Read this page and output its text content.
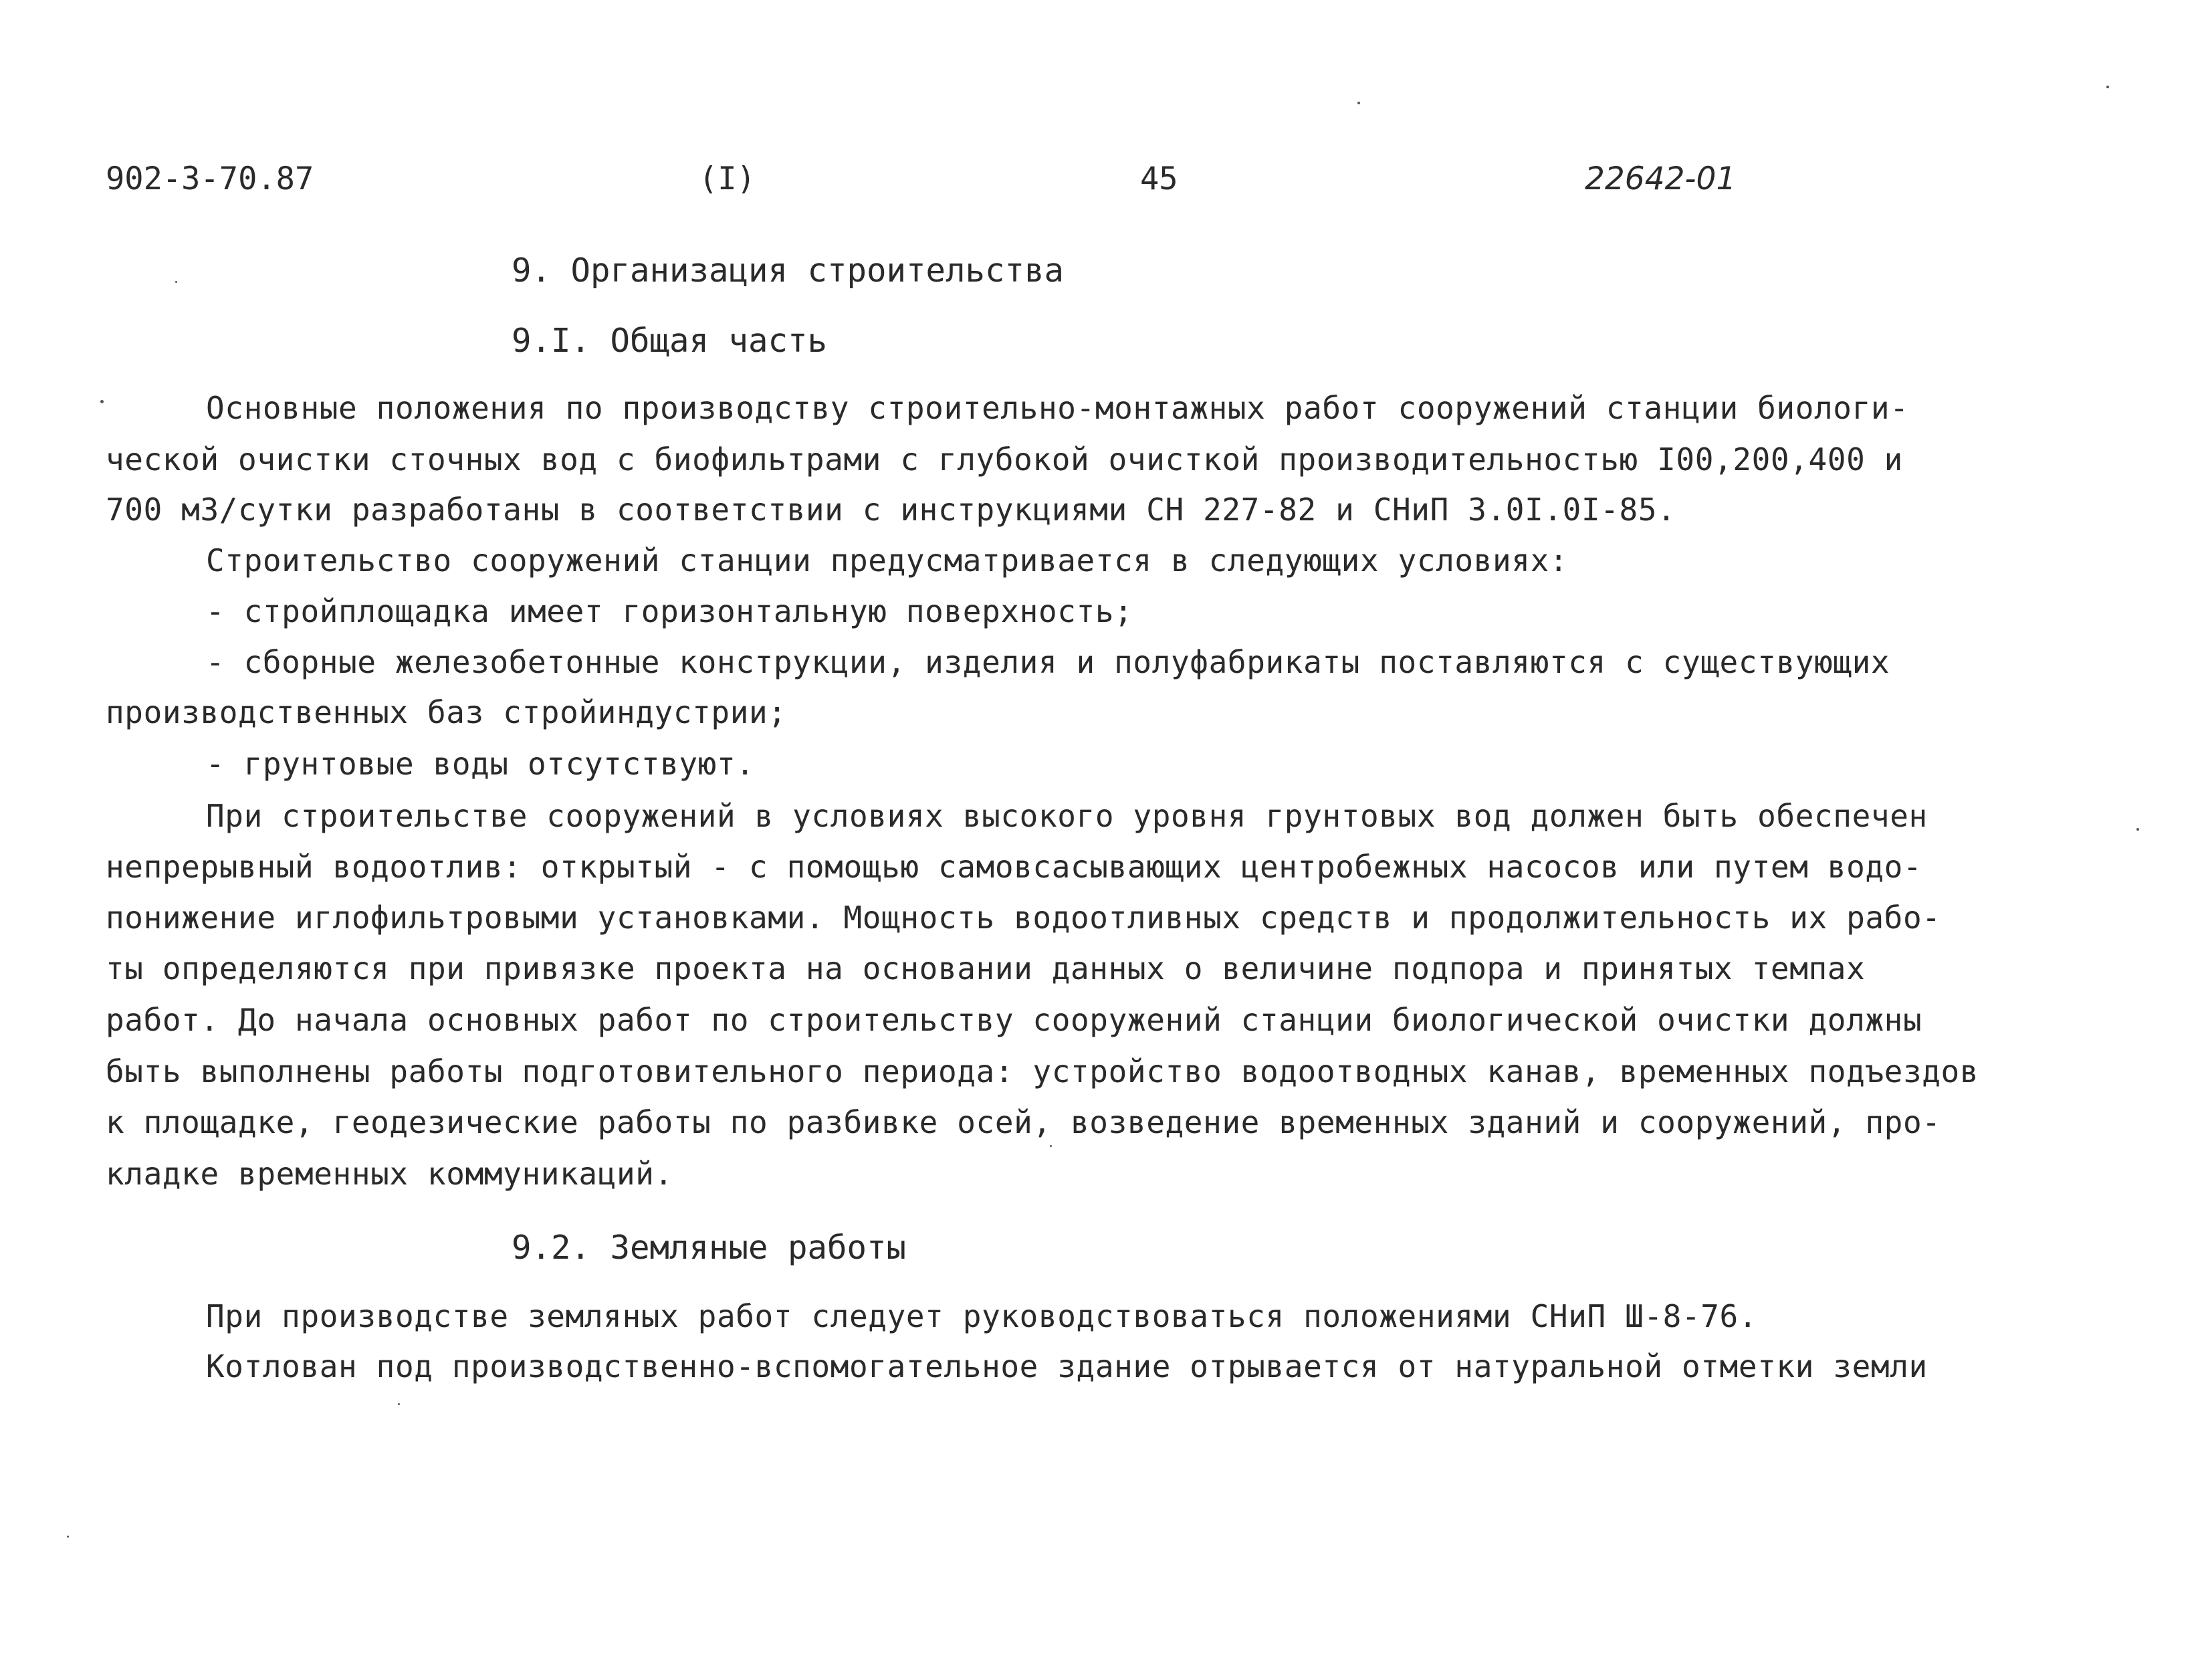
902-3-70.87	(I)	45	22642-01
9. Организация строительства
9.I. Общая часть
Основные положения по производству строительно-монтажных работ сооружений станции биологи-
ческой очистки сточных вод с биофильтрами с глубокой очисткой производительностью I00,200,400 и
700 м3/сутки разработаны в соответствии с инструкциями СН 227-82 и СНиП 3.0I.0I-85.
Строительство сооружений станции предусматривается в следующих условиях:
- стройплощадка имеет горизонтальную поверхность;
- сборные железобетонные конструкции, изделия и полуфабрикаты поставляются с существующих
производственных баз стройиндустрии;
- грунтовые воды отсутствуют.
При строительстве сооружений в условиях высокого уровня грунтовых вод должен быть обеспечен
непрерывный водоотлив: открытый - с помощью самовсасывающих центробежных насосов или путем водо-
понижение иглофильтровыми установками. Мощность водоотливных средств и продолжительность их рабо-
ты определяются при привязке проекта на основании данных о величине подпора и принятых темпах
работ. До начала основных работ по строительству сооружений станции биологической очистки должны
быть выполнены работы подготовительного периода: устройство водоотводных канав, временных подъездов
к площадке, геодезические работы по разбивке осей, возведение временных зданий и сооружений, про-
кладке временных коммуникаций.
9.2. Земляные работы
При производстве земляных работ следует руководствоваться положениями СНиП Ш-8-76.
Котлован под производственно-вспомогательное здание отрывается от натуральной отметки земли
